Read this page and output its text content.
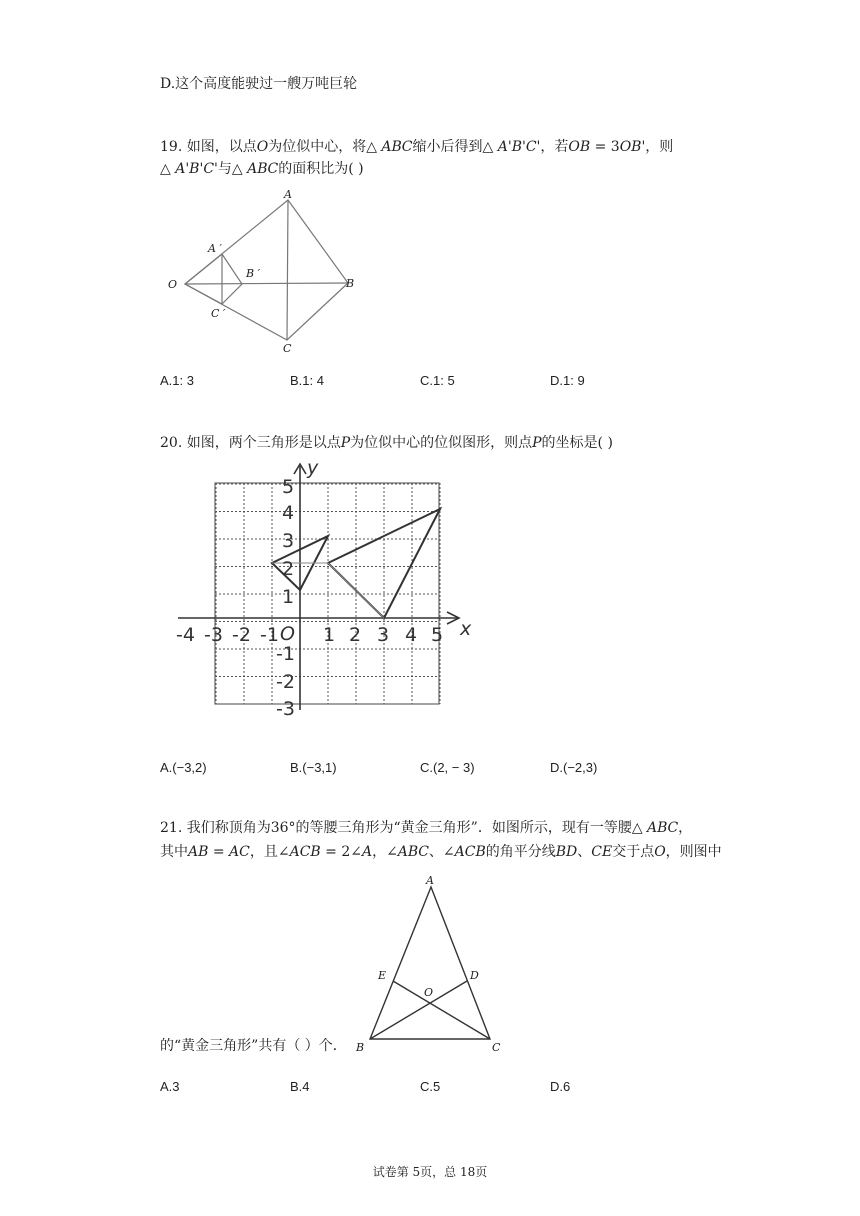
D.这个高度能驶过一艘万吨巨轮
19. 如图，以点𝑂为位似中心，将△ 𝐴𝐵𝐶缩小后得到△ 𝐴'𝐵'𝐶'，若𝑂𝐵 = 3𝑂𝐵'，则
△ 𝐴'𝐵'𝐶'与△ 𝐴𝐵𝐶的面积比为( )
A
B
C
O
A ′
B ′
C ′
A.1: 3	B.1: 4	C.1: 5	D.1: 9
20. 如图，两个三角形是以点𝑃为位似中心的位似图形，则点𝑃的坐标是( )
y
x
O
-4 -3 -2 -1 1 2 3 4 5
5
4
3
2
1
-1
-2
-3
A.(−3,2)	B.(−3,1)	C.(2, − 3)	D.(−2,3)
21. 我们称顶角为36°的等腰三角形为“黄金三角形”．如图所示，现有一等腰△ 𝐴𝐵𝐶，
其中𝐴𝐵 = 𝐴𝐶，且∠𝐴𝐶𝐵 = 2∠𝐴，∠𝐴𝐵𝐶、∠𝐴𝐶𝐵的角平分线𝐵𝐷、𝐶𝐸交于点𝑂，则图中
的“黄金三角形”共有（ ）个．
A
B	C
D
E
O
A.3	B.4	C.5	D.6
试卷第 5页，总 18页
